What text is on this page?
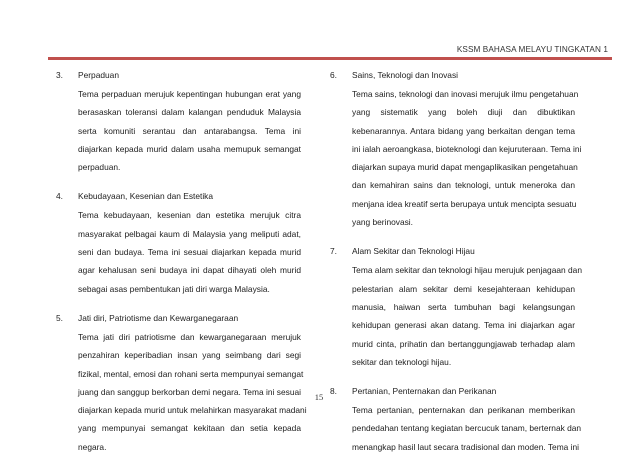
KSSM BAHASA MELAYU TINGKATAN 1
3.	Perpaduan
Tema perpaduan merujuk kepentingan hubungan erat yang
berasaskan toleransi dalam kalangan penduduk Malaysia
serta komuniti serantau dan antarabangsa. Tema ini
diajarkan kepada murid dalam usaha memupuk semangat
perpaduan.
4.	Kebudayaan, Kesenian dan Estetika
Tema kebudayaan, kesenian dan estetika merujuk citra
masyarakat pelbagai kaum di Malaysia yang meliputi adat,
seni dan budaya. Tema ini sesuai diajarkan kepada murid
agar kehalusan seni budaya ini dapat dihayati oleh murid
sebagai asas pembentukan jati diri warga Malaysia.
5.	Jati diri, Patriotisme dan Kewarganegaraan
Tema jati diri patriotisme dan kewarganegaraan merujuk
penzahiran keperibadian insan yang seimbang dari segi
fizikal, mental, emosi dan rohani serta mempunyai semangat
juang dan sanggup berkorban demi negara. Tema ini sesuai
diajarkan kepada murid untuk melahirkan masyarakat madani
yang mempunyai semangat kekitaan dan setia kepada
negara.
6.	Sains, Teknologi dan Inovasi
Tema sains, teknologi dan inovasi merujuk ilmu pengetahuan
yang sistematik yang boleh diuji dan dibuktikan
kebenarannya. Antara bidang yang berkaitan dengan tema
ini ialah aeroangkasa, bioteknologi dan kejuruteraan. Tema ini
diajarkan supaya murid dapat mengaplikasikan pengetahuan
dan kemahiran sains dan teknologi, untuk meneroka dan
menjana idea kreatif serta berupaya untuk mencipta sesuatu
yang berinovasi.
7.	Alam Sekitar dan Teknologi Hijau
Tema alam sekitar dan teknologi hijau merujuk penjagaan dan
pelestarian alam sekitar demi kesejahteraan kehidupan
manusia, haiwan serta tumbuhan bagi kelangsungan
kehidupan generasi akan datang. Tema ini diajarkan agar
murid cinta, prihatin dan bertanggungjawab terhadap alam
sekitar dan teknologi hijau.
8.	Pertanian, Penternakan dan Perikanan
Tema pertanian, penternakan dan perikanan memberikan
pendedahan tentang kegiatan bercucuk tanam, berternak dan
menangkap hasil laut secara tradisional dan moden. Tema ini
15
